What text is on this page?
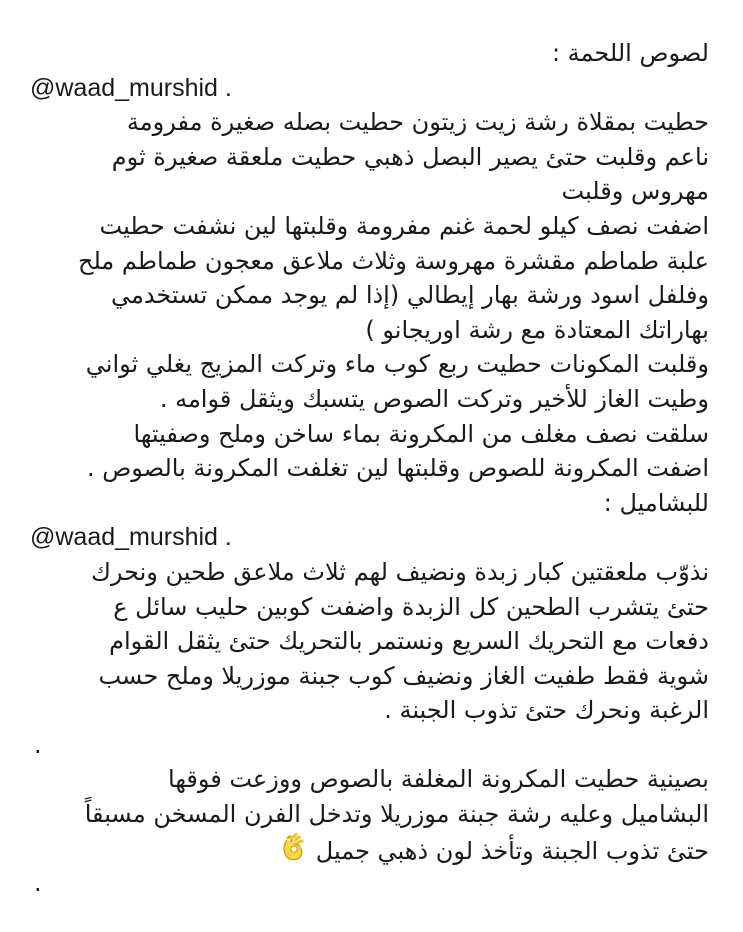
لصوص اللحمة :
@waad_murshid .
حطيت بمقلاة رشة زيت زيتون حطيت بصله صغيرة مفرومة
ناعم وقلبت حتئ يصير البصل ذهبي حطيت ملعقة صغيرة ثوم
مهروس وقلبت
اضفت نصف كيلو لحمة غنم مفرومة وقلبتها لين نشفت حطيت
علبة طماطم مقشرة مهروسة وثلاث ملاعق معجون طماطم ملح
وفلفل اسود ورشة بهار إيطالي (إذا لم يوجد ممكن تستخدمي
بهاراتك المعتادة مع رشة اوريجانو )
وقلبت المكونات حطيت ربع كوب ماء وتركت المزيج يغلي ثواني
وطيت الغاز للأخير وتركت الصوص يتسبك ويثقل قوامه .
سلقت نصف مغلف من المكرونة بماء ساخن وملح وصفيتها
اضفت المكرونة للصوص وقلبتها لين تغلفت المكرونة بالصوص .
للبشاميل :
@waad_murshid .
نذوّب ملعقتين كبار زبدة ونضيف لهم ثلاث ملاعق طحين ونحرك
حتئ يتشرب الطحين كل الزبدة واضفت كوبين حليب سائل ع
دفعات مع التحريك السريع ونستمر بالتحريك حتئ يثقل القوام
شوية فقط طفيت الغاز ونضيف كوب جبنة موزريلا وملح حسب
الرغبة ونحرك حتئ تذوب الجبنة .
.
بصينية حطيت المكرونة المغلفة بالصوص ووزعت فوقها
البشاميل وعليه رشة جبنة موزريلا وتدخل الفرن المسخن مسبقاً
حتئ تذوب الجبنة وتأخذ لون ذهبي جميل
.
